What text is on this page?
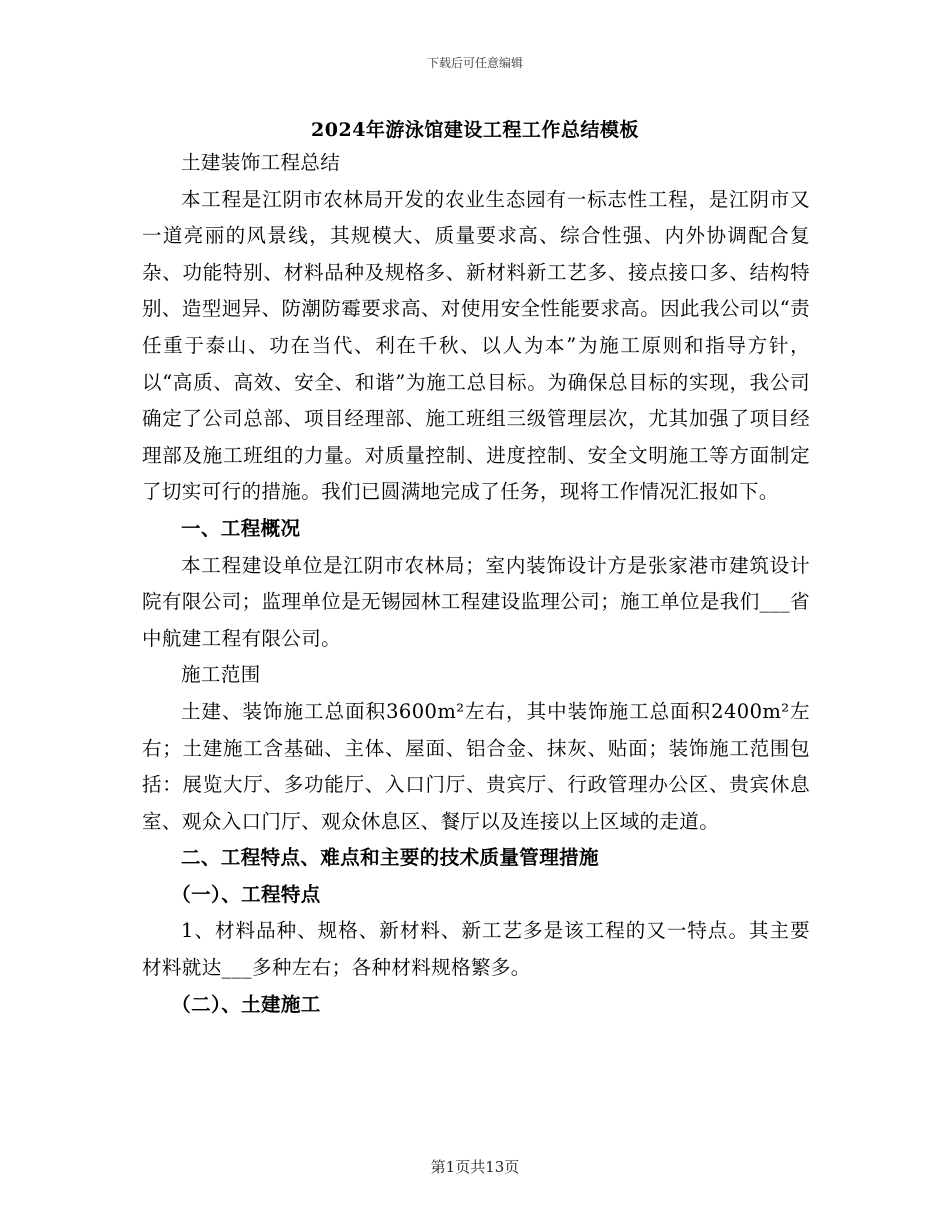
下载后可任意编辑
2024年游泳馆建设工程工作总结模板

土建装饰工程总结

本工程是江阴市农林局开发的农业生态园有一标志性工程，是江阴市又一道亮丽的风景线，其规模大、质量要求高、综合性强、内外协调配合复杂、功能特别、材料品种及规格多、新材料新工艺多、接点接口多、结构特别、造型迥异、防潮防霉要求高、对使用安全性能要求高。因此我公司以“责任重于泰山、功在当代、利在千秋、以人为本”为施工原则和指导方针，以“高质、高效、安全、和谐”为施工总目标。为确保总目标的实现，我公司确定了公司总部、项目经理部、施工班组三级管理层次，尤其加强了项目经理部及施工班组的力量。对质量控制、进度控制、安全文明施工等方面制定了切实可行的措施。我们已圆满地完成了任务，现将工作情况汇报如下。

一、工程概况

本工程建设单位是江阴市农林局；室内装饰设计方是张家港市建筑设计院有限公司；监理单位是无锡园林工程建设监理公司；施工单位是我们___省中航建工程有限公司。

施工范围

土建、装饰施工总面积3600m²左右，其中装饰施工总面积2400m²左右；土建施工含基础、主体、屋面、铝合金、抹灰、贴面；装饰施工范围包括：展览大厅、多功能厅、入口门厅、贵宾厅、行政管理办公区、贵宾休息室、观众入口门厅、观众休息区、餐厅以及连接以上区域的走道。

二、工程特点、难点和主要的技术质量管理措施

（一）、工程特点

1、材料品种、规格、新材料、新工艺多是该工程的又一特点。其主要材料就达___多种左右；各种材料规格繁多。

（二）、土建施工

第1页共13页
